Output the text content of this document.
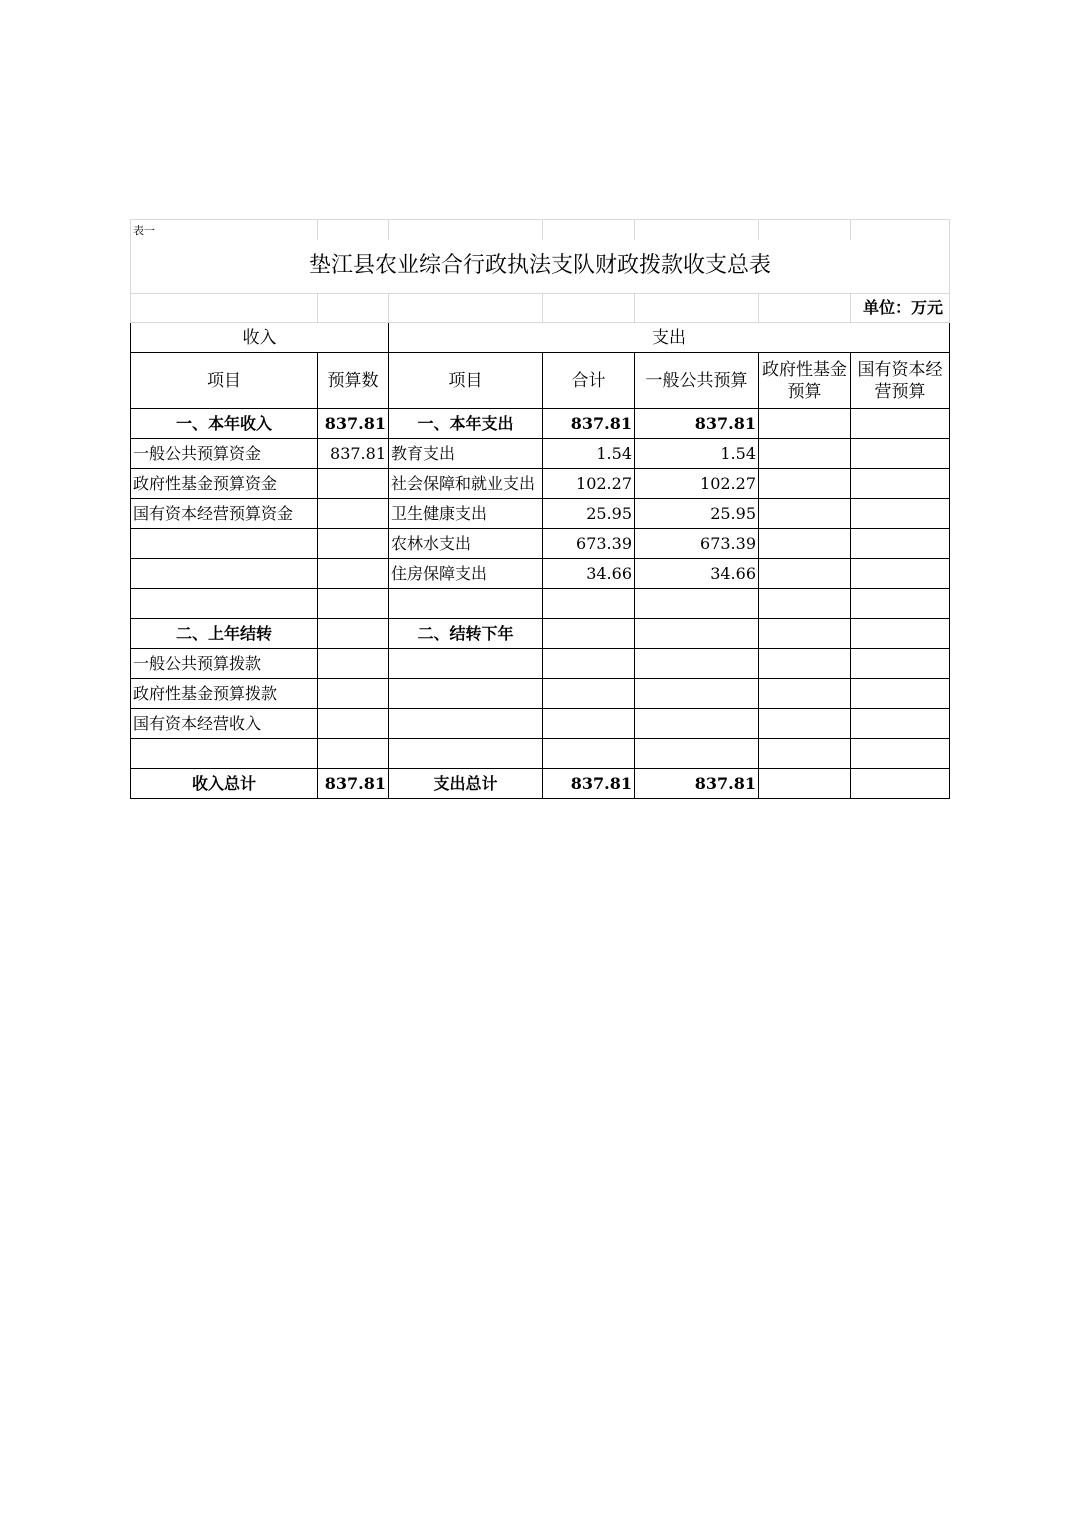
表一						
垫江县农业综合行政执法支队财政拨款收支总表						
						单位：万元
收入		支出				
项目	预算数	项目	合计	一般公共预算	政府性基金预算	国有资本经营预算
一、本年收入	837.81	一、本年支出	837.81	837.81		
一般公共预算资金	837.81	教育支出	1.54	1.54		
政府性基金预算资金		社会保障和就业支出	102.27	102.27		
国有资本经营预算资金		卫生健康支出	25.95	25.95		
		农林水支出	673.39	673.39		
		住房保障支出	34.66	34.66		

二、上年结转		二、结转下年				
一般公共预算拨款						
政府性基金预算拨款						
国有资本经营收入						

收入总计	837.81	支出总计	837.81	837.81		
